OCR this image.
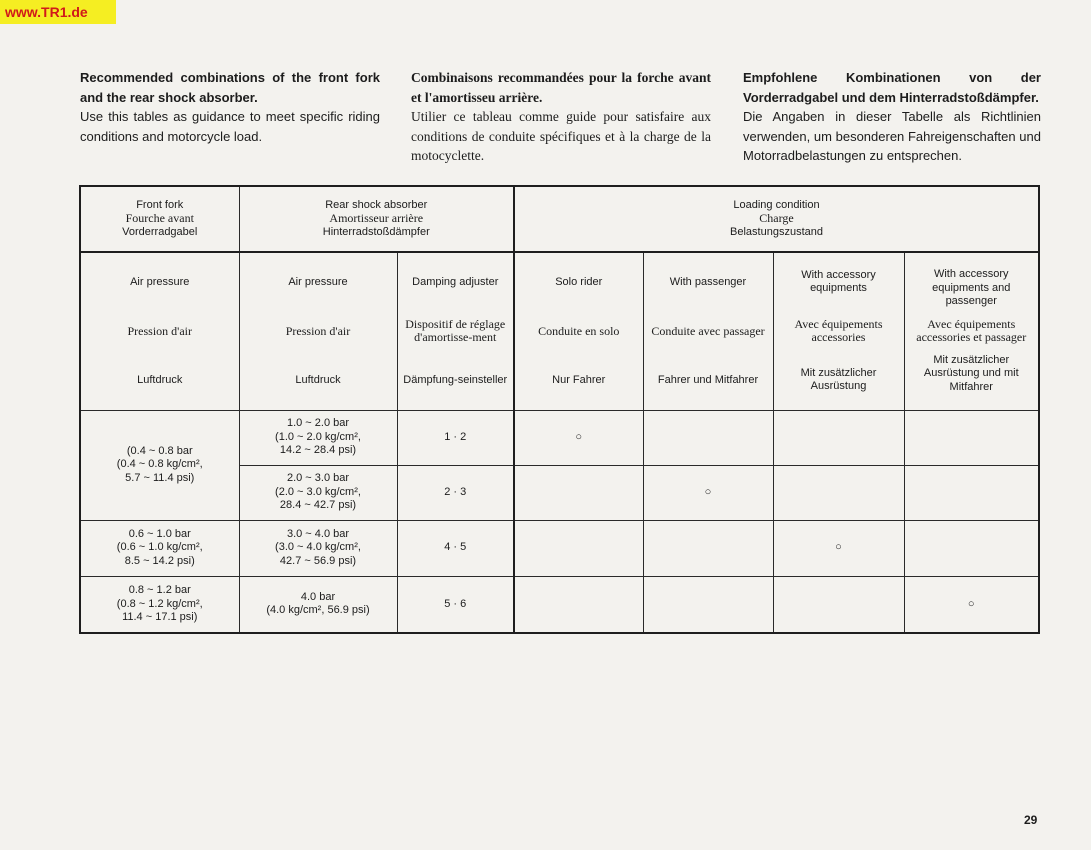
www.TR1.de
Recommended combinations of the front fork and the rear shock absorber.
Use this tables as guidance to meet specific riding conditions and motorcycle load.
Combinaisons recommandées pour la forche avant et l'amortisseu arrière.
Utilier ce tableau comme guide pour satisfaire aux conditions de conduite spécifiques et à la charge de la motocyclette.
Empfohlene Kombinationen von der Vorderradgabel und dem Hinterradstoßdämpfer.
Die Angaben in dieser Tabelle als Richtlinien verwenden, um besonderen Fahreigenschaften und Motorradbelastungen zu entsprechen.
Front fork
Fourche avant
Vorderradgabel	Rear shock absorber
Amortisseur arrière
Hinterradstoßdämpfer		Loading condition
Charge
Belastungszustand			

Air pressure
Pression d'air
Luftdruck	Air pressure
Pression d'air
Luftdruck	Damping adjuster
Dispositif de réglage d'amortisse-ment
Dämpfung-seinsteller	Solo rider
Conduite en solo
Nur Fahrer	With passenger
Conduite avec passager
Fahrer und Mitfahrer	With accessory equipments
Avec équipements accessories
Mit zusätzlicher Ausrüstung	With accessory equipments and passenger
Avec équipements accessories et passager
Mit zusätzlicher Ausrüstung und mit Mitfahrer

(0.4 ~ 0.8 bar
(0.4 ~ 0.8 kg/cm²,
5.7 ~ 11.4 psi)	1.0 ~ 2.0 bar
(1.0 ~ 2.0 kg/cm²,
14.2 ~ 28.4 psi)	1 · 2	○			

	2.0 ~ 3.0 bar
(2.0 ~ 3.0 kg/cm²,
28.4 ~ 42.7 psi)	2 · 3		○		

0.6 ~ 1.0 bar
(0.6 ~ 1.0 kg/cm²,
8.5 ~ 14.2 psi)	3.0 ~ 4.0 bar
(3.0 ~ 4.0 kg/cm²,
42.7 ~ 56.9 psi)	4 · 5			○	

0.8 ~ 1.2 bar
(0.8 ~ 1.2 kg/cm²,
11.4 ~ 17.1 psi)	4.0 bar
(4.0 kg/cm², 56.9 psi)	5 · 6				○
29
